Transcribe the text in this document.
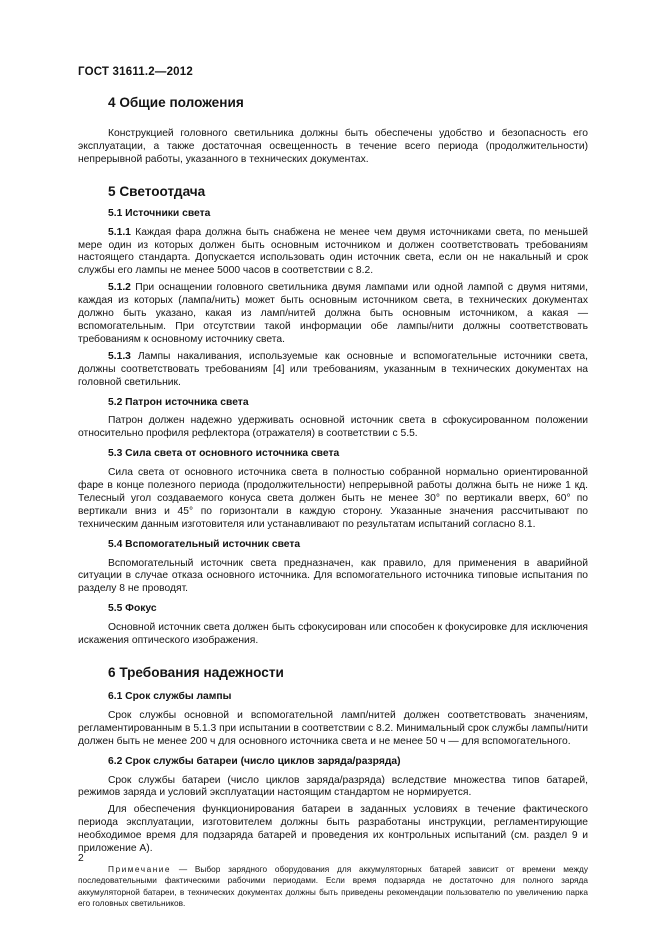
ГОСТ 31611.2—2012
4 Общие положения

Конструкцией головного светильника должны быть обеспечены удобство и безопасность его эксплуатации, а также достаточная освещенность в течение всего периода (продолжительности) непрерывной работы, указанного в технических документах.

5 Светоотдача
5.1 Источники света

5.1.1 Каждая фара должна быть снабжена не менее чем двумя источниками света, по меньшей мере один из которых должен быть основным источником и должен соответствовать требованиям настоящего стандарта. Допускается использовать один источник света, если он не накальный и срок службы его лампы не менее 5000 часов в соответствии с 8.2.

5.1.2 При оснащении головного светильника двумя лампами или одной лампой с двумя нитями, каждая из которых (лампа/нить) может быть основным источником света, в технических документах должно быть указано, какая из ламп/нитей должна быть основным источником, а какая — вспомогательным. При отсутствии такой информации обе лампы/нити должны соответствовать требованиям к основному источнику света.

5.1.3 Лампы накаливания, используемые как основные и вспомогательные источники света, должны соответствовать требованиям [4] или требованиям, указанным в технических документах на головной светильник.

5.2 Патрон источника света

Патрон должен надежно удерживать основной источник света в сфокусированном положении относительно профиля рефлектора (отражателя) в соответствии с 5.5.

5.3 Сила света от основного источника света

Сила света от основного источника света в полностью собранной нормально ориентированной фаре в конце полезного периода (продолжительности) непрерывной работы должна быть не ниже 1 кд. Телесный угол создаваемого конуса света должен быть не менее 30° по вертикали вверх, 60° по вертикали вниз и 45° по горизонтали в каждую сторону. Указанные значения рассчитывают по техническим данным изготовителя или устанавливают по результатам испытаний согласно 8.1.

5.4 Вспомогательный источник света

Вспомогательный источник света предназначен, как правило, для применения в аварийной ситуации в случае отказа основного источника. Для вспомогательного источника типовые испытания по разделу 8 не проводят.

5.5 Фокус

Основной источник света должен быть сфокусирован или способен к фокусировке для исключения искажения оптического изображения.

6 Требования надежности
6.1 Срок службы лампы

Срок службы основной и вспомогательной ламп/нитей должен соответствовать значениям, регламентированным в 5.1.3 при испытании в соответствии с 8.2. Минимальный срок службы лампы/нити должен быть не менее 200 ч для основного источника света и не менее 50 ч — для вспомогательного.

6.2 Срок службы батареи (число циклов заряда/разряда)

Срок службы батареи (число циклов заряда/разряда) вследствие множества типов батарей, режимов заряда и условий эксплуатации настоящим стандартом не нормируется.

Для обеспечения функционирования батареи в заданных условиях в течение фактического периода эксплуатации, изготовителем должны быть разработаны инструкции, регламентирующие необходимое время для подзаряда батарей и проведения их контрольных испытаний (см. раздел 9 и приложение А).

Примечание — Выбор зарядного оборудования для аккумуляторных батарей зависит от времени между последовательными фактическими рабочими периодами. Если время подзаряда не достаточно для полного заряда аккумуляторной батареи, в технических документах должны быть приведены рекомендации пользователю по увеличению парка его головных светильников.

2
